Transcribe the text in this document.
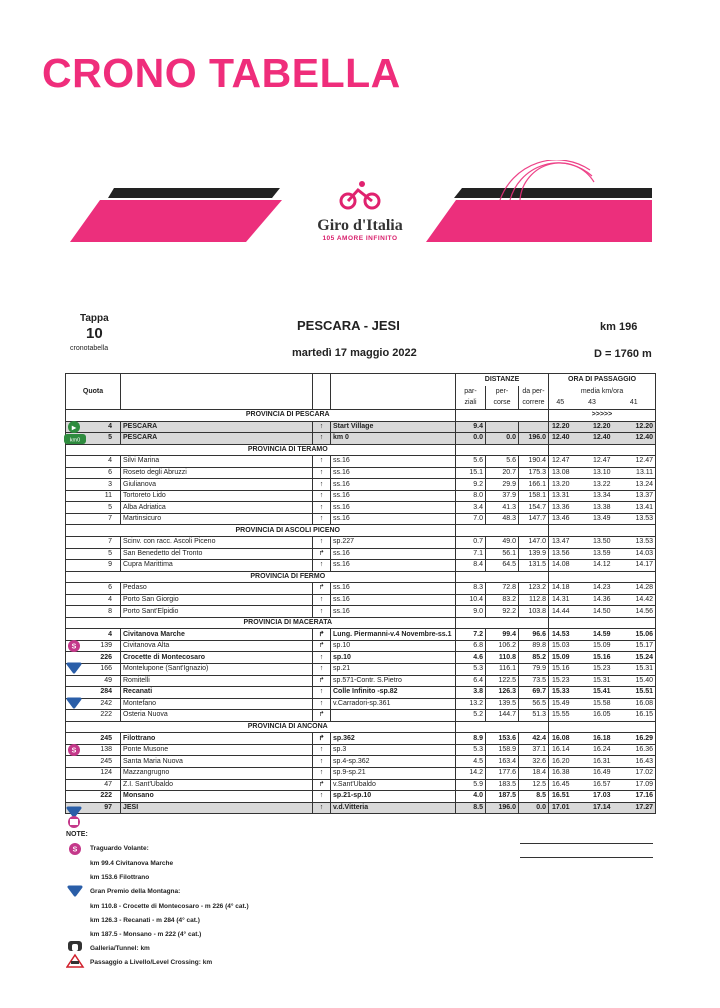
CRONO TABELLA
Giro d'Italia
105 AMORE INFINITO
Tappa
10
cronotabella
PESCARA - JESI
martedì 17 maggio 2022
km 196
D = 1760 m
Quota				DISTANZE			ORA DI PASSAGGIO		
				par-	per-	da per-	media km/ora		
				ziali	corse	correre	45	43	41
	PROVINCIA DI PESCARA						>>>>>		
4	PESCARA	↑	Start Village	9.4			12.20	12.20	12.20
5	PESCARA	↑	km 0	0.0	0.0	196.0	12.40	12.40	12.40
	PROVINCIA DI TERAMO								
4	Silvi Marina	↑	ss.16	5.6	5.6	190.4	12.47	12.47	12.47
6	Roseto degli Abruzzi	↑	ss.16	15.1	20.7	175.3	13.08	13.10	13.11
3	Giulianova	↑	ss.16	9.2	29.9	166.1	13.20	13.22	13.24
11	Tortoreto Lido	↑	ss.16	8.0	37.9	158.1	13.31	13.34	13.37
5	Alba Adriatica	↑	ss.16	3.4	41.3	154.7	13.36	13.38	13.41
7	Martinsicuro	↑	ss.16	7.0	48.3	147.7	13.46	13.49	13.53
	PROVINCIA DI ASCOLI PICENO								
7	Scinv. con racc. Ascoli Piceno	↑	sp.227	0.7	49.0	147.0	13.47	13.50	13.53
5	San Benedetto del Tronto	↱	ss.16	7.1	56.1	139.9	13.56	13.59	14.03
9	Cupra Marittima	↑	ss.16	8.4	64.5	131.5	14.08	14.12	14.17
	PROVINCIA DI FERMO								
6	Pedaso	↱	ss.16	8.3	72.8	123.2	14.18	14.23	14.28
4	Porto San Giorgio	↑	ss.16	10.4	83.2	112.8	14.31	14.36	14.42
8	Porto Sant'Elpidio	↑	ss.16	9.0	92.2	103.8	14.44	14.50	14.56
	PROVINCIA DI MACERATA								
4	Civitanova Marche	↱	Lung. Piermanni-v.4 Novembre-ss.1	7.2	99.4	96.6	14.53	14.59	15.06
139	Civitanova Alta	↱	sp.10	6.8	106.2	89.8	15.03	15.09	15.17
226	Crocette di Montecosaro	↑	sp.10	4.6	110.8	85.2	15.09	15.16	15.24
166	Montelupone (Sant'Ignazio)	↑	sp.21	5.3	116.1	79.9	15.16	15.23	15.31
49	Romitelli	↱	sp.571-Contr. S.Pietro	6.4	122.5	73.5	15.23	15.31	15.40
284	Recanati	↑	Colle Infinito -sp.82	3.8	126.3	69.7	15.33	15.41	15.51
242	Montefano	↑	v.Carradori-sp.361	13.2	139.5	56.5	15.49	15.58	16.08
222	Osteria Nuova	↱		5.2	144.7	51.3	15.55	16.05	16.15
	PROVINCIA DI ANCONA								
245	Filottrano	↱	sp.362	8.9	153.6	42.4	16.08	16.18	16.29
138	Ponte Musone	↑	sp.3	5.3	158.9	37.1	16.14	16.24	16.36
245	Santa Maria Nuova	↑	sp.4-sp.362	4.5	163.4	32.6	16.20	16.31	16.43
124	Mazzangrugno	↑	sp.9-sp.21	14.2	177.6	18.4	16.38	16.49	17.02
47	Z.I. Sant'Ubaldo	↱	v.Sant'Ubaldo	5.9	183.5	12.5	16.45	16.57	17.09
222	Monsano	↑	sp.21-sp.10	4.0	187.5	8.5	16.51	17.03	17.16
97	JESI	↑	v.d.Vitteria	8.5	196.0	0.0	17.01	17.14	17.27
▶
km0
S
S
NOTE:
S Traguardo Volante:
km 99.4 Civitanova Marche
km 153.6 Filottrano
Gran Premio della Montagna:
km 110.8 - Crocette di Montecosaro - m 226 (4° cat.)
km 126.3 - Recanati - m 284 (4° cat.)
km 187.5 - Monsano - m 222 (4° cat.)
Galleria/Tunnel: km
Passaggio a Livello/Level Crossing: km
